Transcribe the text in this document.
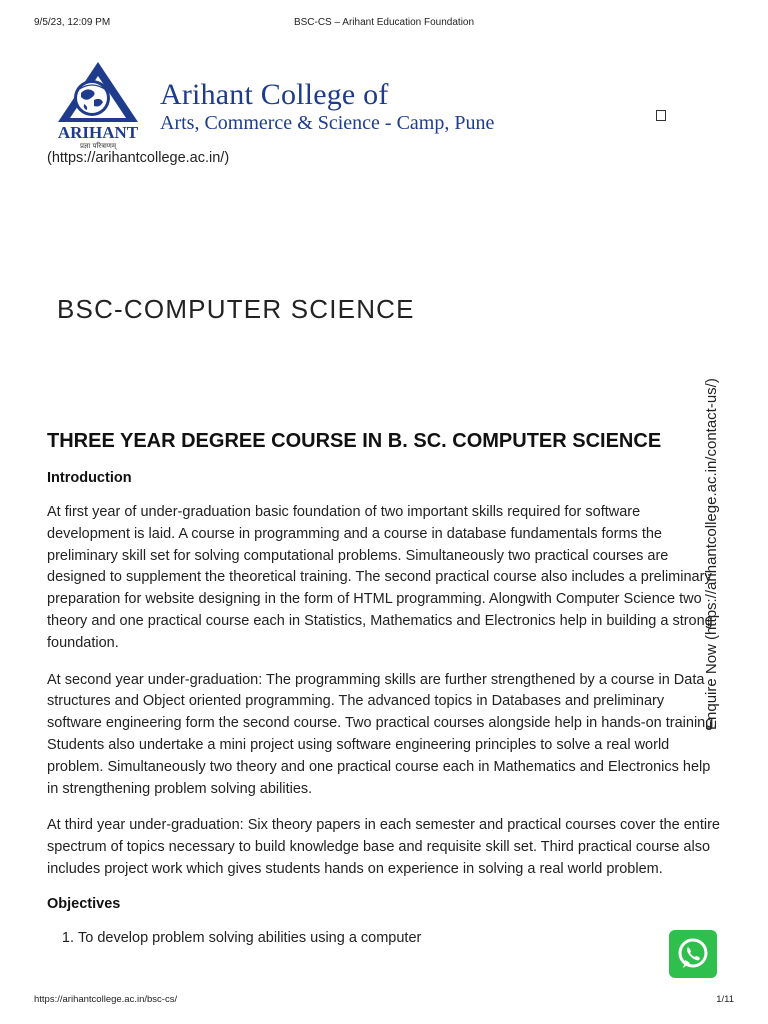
9/5/23, 12:09 PM	BSC-CS – Arihant Education Foundation
ARIHANT
प्रज्ञा परित्राणम्
Arihant College of
Arts, Commerce & Science - Camp, Pune
(https://arihantcollege.ac.in/)
BSC-COMPUTER SCIENCE
Enquire Now (https://arihantcollege.ac.in/contact-us/)
THREE YEAR DEGREE COURSE IN B. SC. COMPUTER SCIENCE

Introduction

At first year of under-graduation basic foundation of two important skills required for software development is laid. A course in programming and a course in database fundamentals forms the preliminary skill set for solving computational problems. Simultaneously two practical courses are designed to supplement the theoretical training. The second practical course also includes a preliminary preparation for website designing in the form of HTML programming. Alongwith Computer Science two theory and one practical course each in Statistics, Mathematics and Electronics help in building a strong foundation.

At second year under-graduation: The programming skills are further strengthened by a course in Data structures and Object oriented programming. The advanced topics in Databases and preliminary software engineering form the second course. Two practical courses alongside help in hands-on training. Students also undertake a mini project using software engineering principles to solve a real world problem. Simultaneously two theory and one practical course each in Mathematics and Electronics help in strengthening problem solving abilities.

At third year under-graduation: Six theory papers in each semester and practical courses cover the entire spectrum of topics necessary to build knowledge base and requisite skill set. Third practical course also includes project work which gives students hands on experience in solving a real world problem.

Objectives

1. To develop problem solving abilities using a computer
https://arihantcollege.ac.in/bsc-cs/	1/11
